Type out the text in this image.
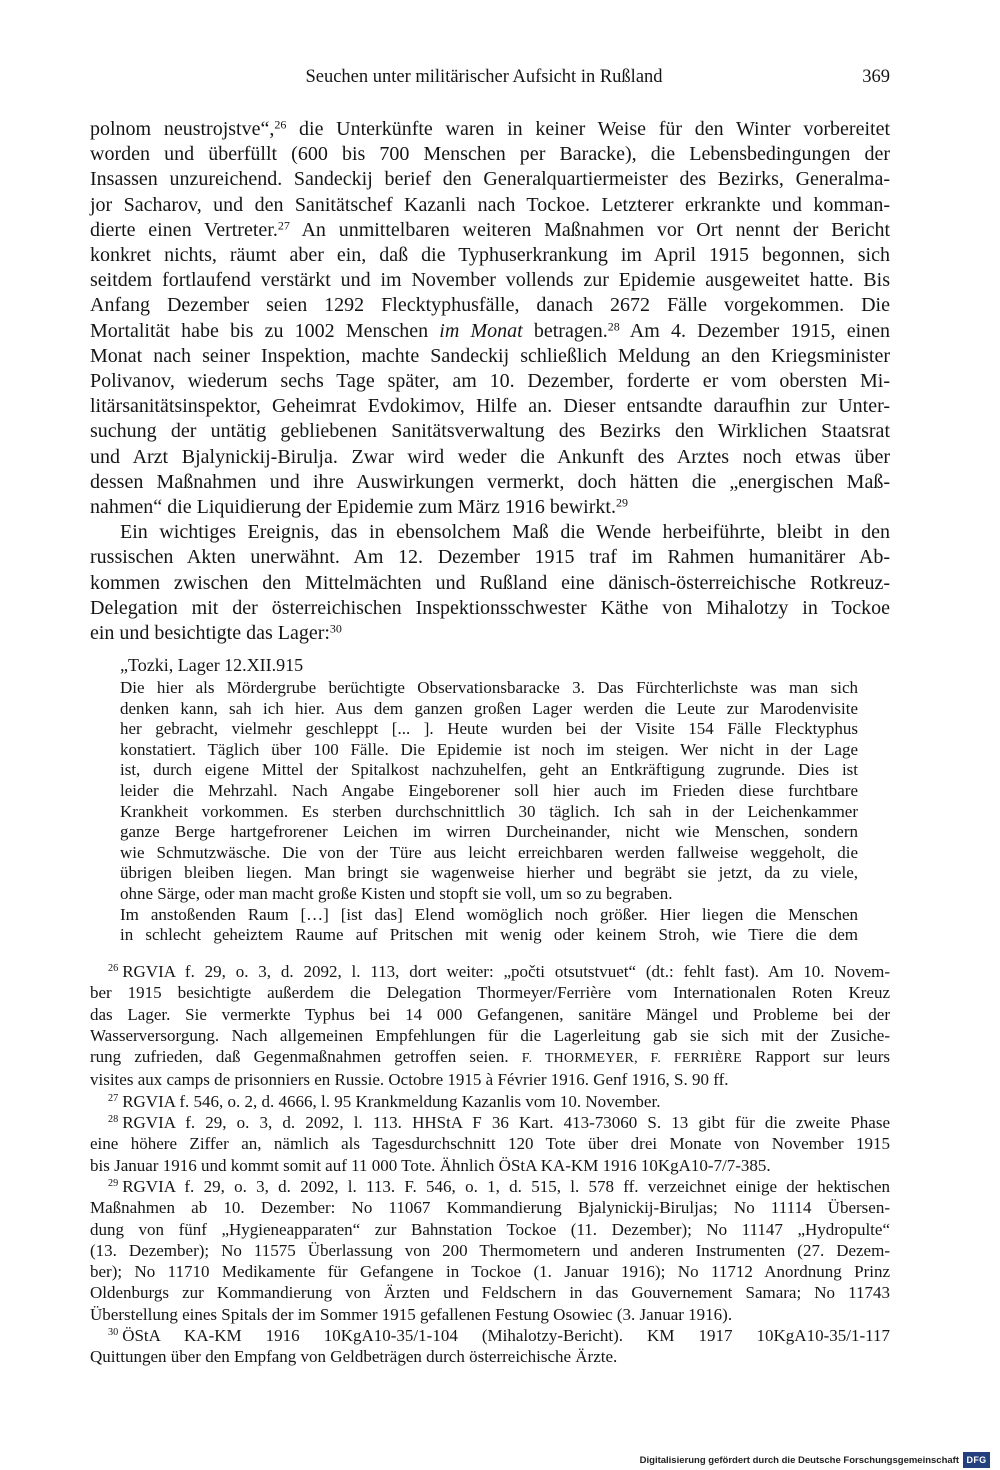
Seuchen unter militärischer Aufsicht in Rußland	369
polnom neustrojstve“,$^{26}$ die Unterkünfte waren in keiner Weise für den Winter vorbereitet
worden und überfüllt (600 bis 700 Menschen per Baracke), die Lebensbedingungen der
Insassen unzureichend. Sandeckij berief den Generalquartiermeister des Bezirks, Generalma-
jor Sacharov, und den Sanitätschef Kazanli nach Tockoe. Letzterer erkrankte und komman-
dierte einen Vertreter.$^{27}$ An unmittelbaren weiteren Maßnahmen vor Ort nennt der Bericht
konkret nichts, räumt aber ein, daß die Typhuserkrankung im April 1915 begonnen, sich
seitdem fortlaufend verstärkt und im November vollends zur Epidemie ausgeweitet hatte. Bis
Anfang Dezember seien 1292 Flecktyphusfälle, danach 2672 Fälle vorgekommen. Die
Mortalität habe bis zu 1002 Menschen im Monat betragen.$^{28}$ Am 4. Dezember 1915, einen
Monat nach seiner Inspektion, machte Sandeckij schließlich Meldung an den Kriegsminister
Polivanov, wiederum sechs Tage später, am 10. Dezember, forderte er vom obersten Mi-
litärsanitätsinspektor, Geheimrat Evdokimov, Hilfe an. Dieser entsandte daraufhin zur Unter-
suchung der untätig gebliebenen Sanitätsverwaltung des Bezirks den Wirklichen Staatsrat
und Arzt Bjalynickij-Birulja. Zwar wird weder die Ankunft des Arztes noch etwas über
dessen Maßnahmen und ihre Auswirkungen vermerkt, doch hätten die „energischen Maß-
nahmen“ die Liquidierung der Epidemie zum März 1916 bewirkt.$^{29}$
Ein wichtiges Ereignis, das in ebensolchem Maß die Wende herbeiführte, bleibt in den
russischen Akten unerwähnt. Am 12. Dezember 1915 traf im Rahmen humanitärer Ab-
kommen zwischen den Mittelmächten und Rußland eine dänisch-österreichische Rotkreuz-
Delegation mit der österreichischen Inspektionsschwester Käthe von Mihalotzy in Tockoe
ein und besichtigte das Lager:$^{30}$
„Tozki, Lager 12.XII.915
Die hier als Mördergrube berüchtigte Observationsbaracke 3. Das Fürchterlichste was man sich
denken kann, sah ich hier. Aus dem ganzen großen Lager werden die Leute zur Marodenvisite
her gebracht, vielmehr geschleppt [... ]. Heute wurden bei der Visite 154 Fälle Flecktyphus
konstatiert. Täglich über 100 Fälle. Die Epidemie ist noch im steigen. Wer nicht in der Lage
ist, durch eigene Mittel der Spitalkost nachzuhelfen, geht an Entkräftigung zugrunde. Dies ist
leider die Mehrzahl. Nach Angabe Eingeborener soll hier auch im Frieden diese furchtbare
Krankheit vorkommen. Es sterben durchschnittlich 30 täglich. Ich sah in der Leichenkammer
ganze Berge hartgefrorener Leichen im wirren Durcheinander, nicht wie Menschen, sondern
wie Schmutzwäsche. Die von der Türe aus leicht erreichbaren werden fallweise weggeholt, die
übrigen bleiben liegen. Man bringt sie wagenweise hierher und begräbt sie jetzt, da zu viele,
ohne Särge, oder man macht große Kisten und stopft sie voll, um so zu begraben.
Im anstoßenden Raum […] [ist das] Elend womöglich noch größer. Hier liegen die Menschen
in schlecht geheiztem Raume auf Pritschen mit wenig oder keinem Stroh, wie Tiere die dem
$^{26}$ RGVIA f. 29, o. 3, d. 2092, l. 113, dort weiter: „počti otsutstvuet“ (dt.: fehlt fast). Am 10. Novem-
ber 1915 besichtigte außerdem die Delegation Thormeyer/Ferrière vom Internationalen Roten Kreuz
das Lager. Sie vermerkte Typhus bei 14 000 Gefangenen, sanitäre Mängel und Probleme bei der
Wasserversorgung. Nach allgemeinen Empfehlungen für die Lagerleitung gab sie sich mit der Zusiche-
rung zufrieden, daß Gegenmaßnahmen getroffen seien. F. THORMEYER, F. FERRIÈRE Rapport sur leurs
visites aux camps de prisonniers en Russie. Octobre 1915 à Février 1916. Genf 1916, S. 90 ff.
$^{27}$ RGVIA f. 546, o. 2, d. 4666, l. 95 Krankmeldung Kazanlis vom 10. November.
$^{28}$ RGVIA f. 29, o. 3, d. 2092, l. 113. HHStA F 36 Kart. 413-73060 S. 13 gibt für die zweite Phase
eine höhere Ziffer an, nämlich als Tagesdurchschnitt 120 Tote über drei Monate von November 1915
bis Januar 1916 und kommt somit auf 11 000 Tote. Ähnlich ÖStA KA-KM 1916 10KgA10-7/7-385.
$^{29}$ RGVIA f. 29, o. 3, d. 2092, l. 113. F. 546, o. 1, d. 515, l. 578 ff. verzeichnet einige der hektischen
Maßnahmen ab 10. Dezember: No 11067 Kommandierung Bjalynickij-Biruljas; No 11114 Übersen-
dung von fünf „Hygieneapparaten“ zur Bahnstation Tockoe (11. Dezember); No 11147 „Hydropulte“
(13. Dezember); No 11575 Überlassung von 200 Thermometern und anderen Instrumenten (27. Dezem-
ber); No 11710 Medikamente für Gefangene in Tockoe (1. Januar 1916); No 11712 Anordnung Prinz
Oldenburgs zur Kommandierung von Ärzten und Feldschern in das Gouvernement Samara; No 11743
Überstellung eines Spitals der im Sommer 1915 gefallenen Festung Osowiec (3. Januar 1916).
$^{30}$ ÖStA KA-KM 1916 10KgA10-35/1-104 (Mihalotzy-Bericht). KM 1917 10KgA10-35/1-117
Quittungen über den Empfang von Geldbeträgen durch österreichische Ärzte.
Digitalisierung gefördert durch die Deutsche Forschungsgemeinschaft DFG
